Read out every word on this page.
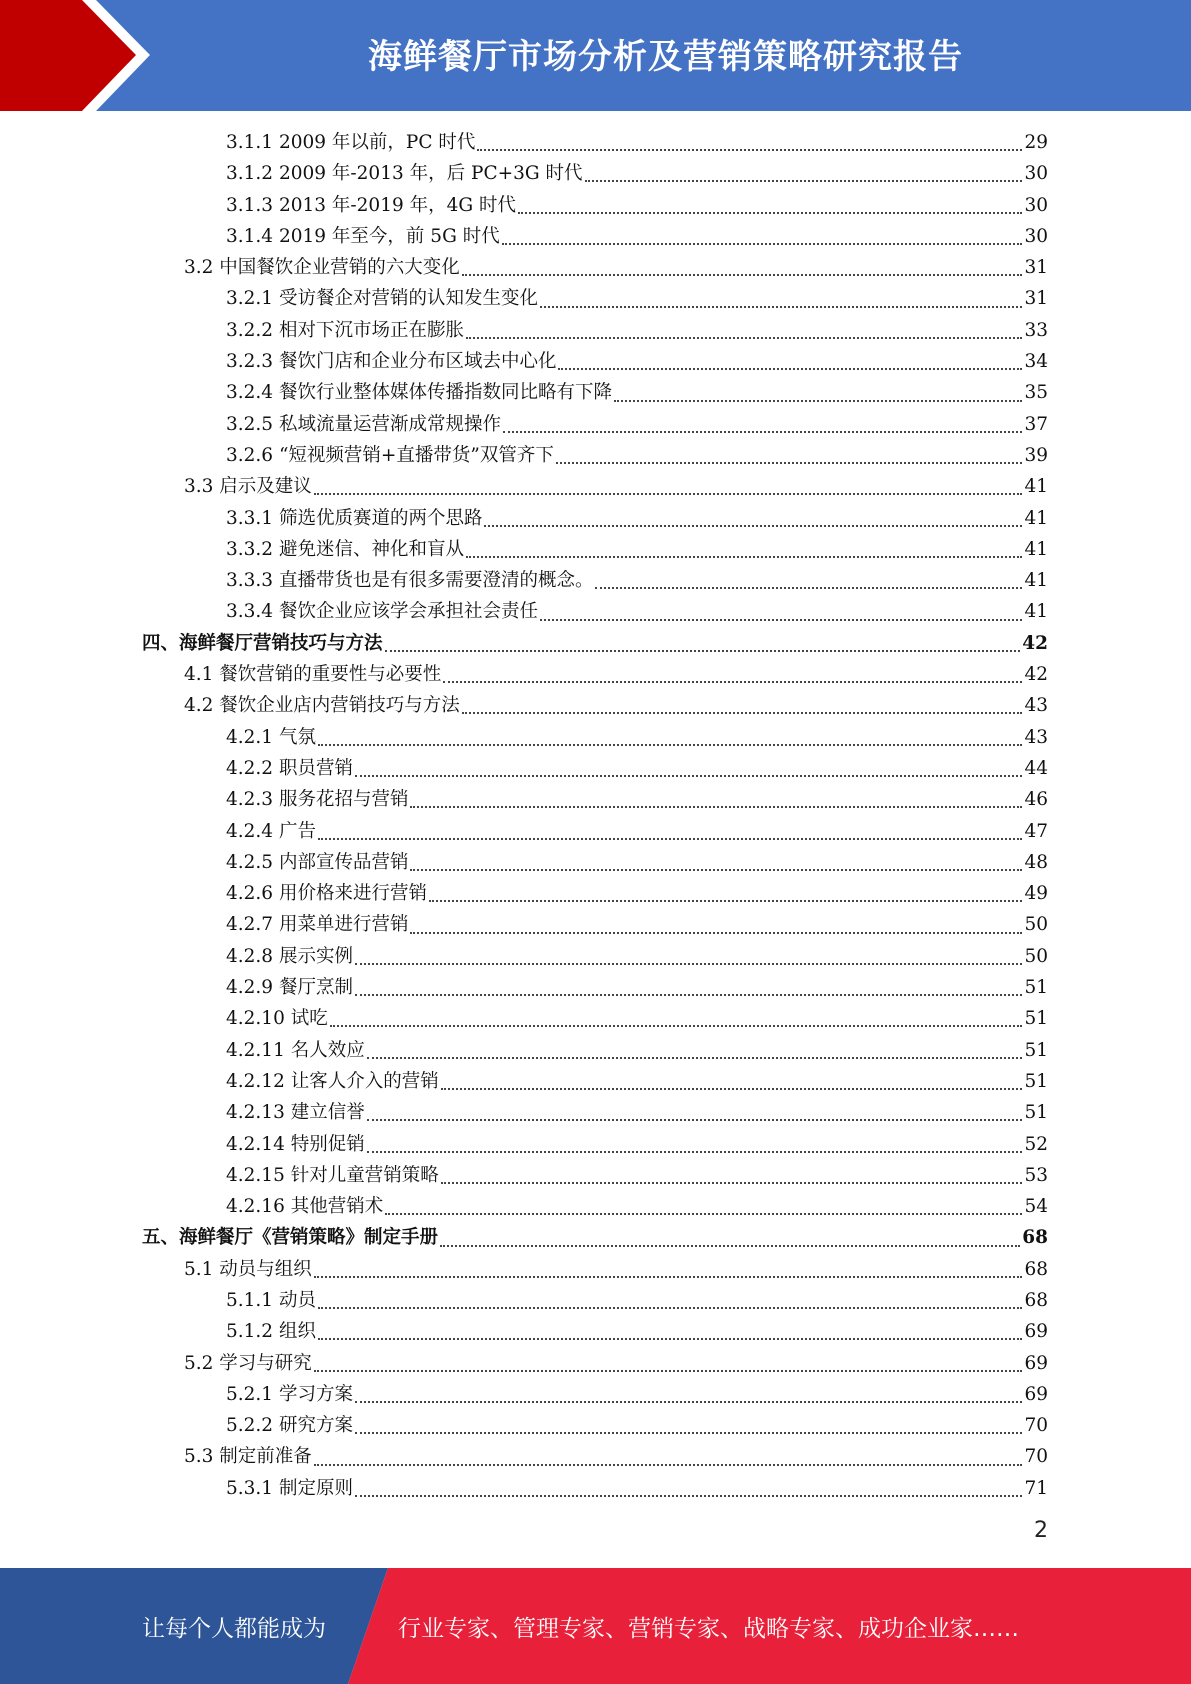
海鲜餐厅市场分析及营销策略研究报告
3.1.1 2009 年以前，PC 时代	29
3.1.2 2009 年-2013 年，后 PC+3G 时代	30
3.1.3 2013 年-2019 年，4G 时代	30
3.1.4 2019 年至今，前 5G 时代	30
3.2 中国餐饮企业营销的六大变化	31
3.2.1 受访餐企对营销的认知发生变化	31
3.2.2 相对下沉市场正在膨胀	33
3.2.3 餐饮门店和企业分布区域去中心化	34
3.2.4 餐饮行业整体媒体传播指数同比略有下降	35
3.2.5 私域流量运营渐成常规操作	37
3.2.6 “短视频营销+直播带货”双管齐下	39
3.3 启示及建议	41
3.3.1 筛选优质赛道的两个思路	41
3.3.2 避免迷信、神化和盲从	41
3.3.3 直播带货也是有很多需要澄清的概念。	41
3.3.4 餐饮企业应该学会承担社会责任	41
四、海鲜餐厅营销技巧与方法	42
4.1 餐饮营销的重要性与必要性	42
4.2 餐饮企业店内营销技巧与方法	43
4.2.1 气氛	43
4.2.2 职员营销	44
4.2.3 服务花招与营销	46
4.2.4 广告	47
4.2.5 内部宣传品营销	48
4.2.6 用价格来进行营销	49
4.2.7 用菜单进行营销	50
4.2.8 展示实例	50
4.2.9 餐厅烹制	51
4.2.10 试吃	51
4.2.11 名人效应	51
4.2.12 让客人介入的营销	51
4.2.13 建立信誉	51
4.2.14 特别促销	52
4.2.15 针对儿童营销策略	53
4.2.16 其他营销术	54
五、海鲜餐厅《营销策略》制定手册	68
5.1 动员与组织	68
5.1.1 动员	68
5.1.2 组织	69
5.2 学习与研究	69
5.2.1 学习方案	69
5.2.2 研究方案	70
5.3 制定前准备	70
5.3.1 制定原则	71
2
让每个人都能成为	行业专家、管理专家、营销专家、战略专家、成功企业家……
